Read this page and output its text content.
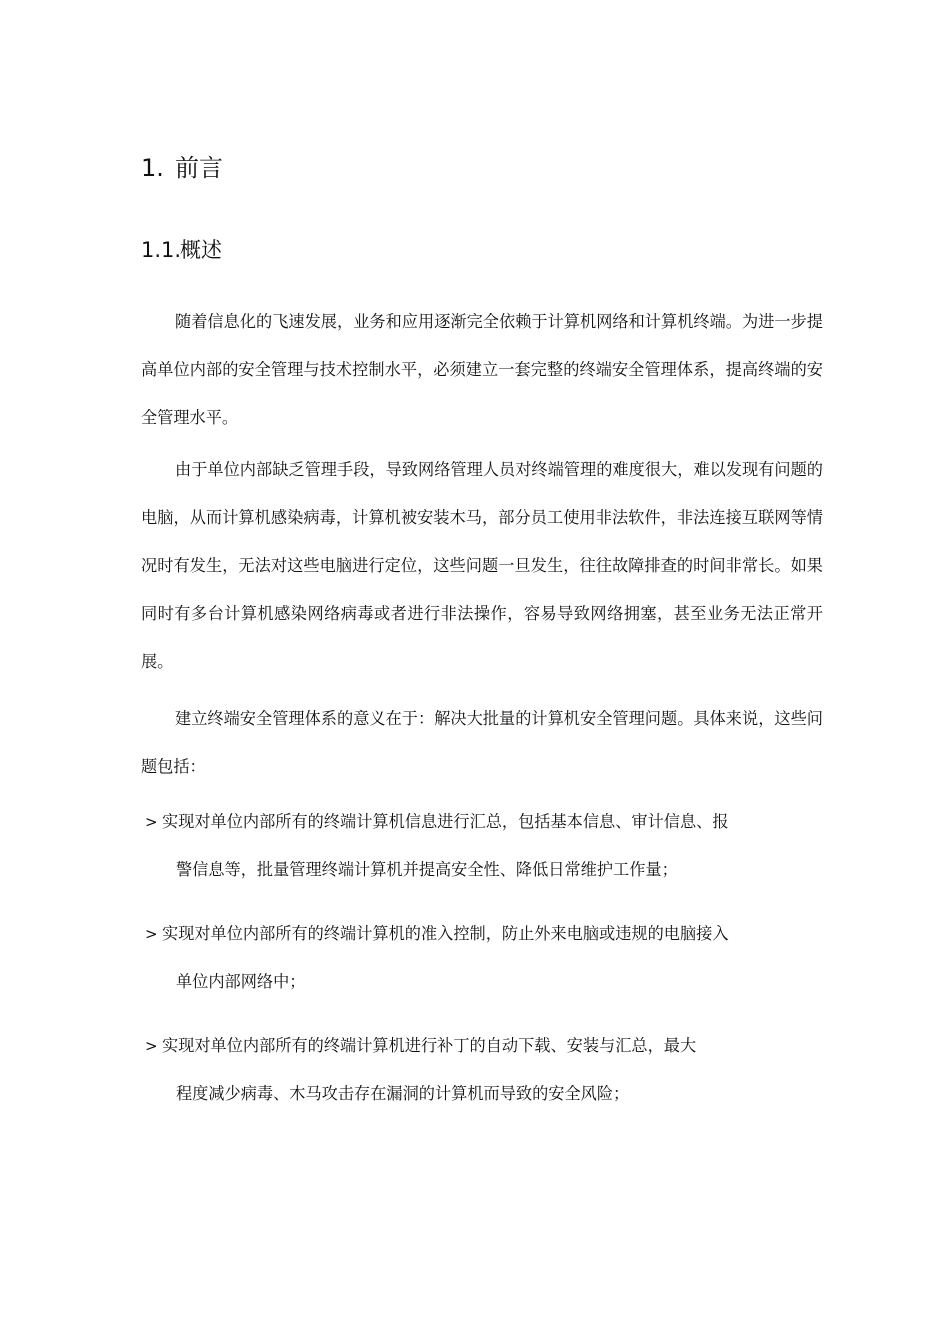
1. 前言
1.1.
概述

随着信息化的飞速发展，业务和应用逐渐完全依赖于计算机网络和计算机终端。为进一步提高单位内部的安全管理与技术控制水平，必须建立一套完整的终端安全管理体系，提高终端的安全管理水平。

由于单位内部缺乏管理手段，导致网络管理人员对终端管理的难度很大，难以发现有问题的电脑，从而计算机感染病毒，计算机被安装木马，部分员工使用非法软件，非法连接互联网等情况时有发生，无法对这些电脑进行定位，这些问题一旦发生，往往故障排查的时间非常长。如果同时有多台计算机感染网络病毒或者进行非法操作，容易导致网络拥塞，甚至业务无法正常开展。

建立终端安全管理体系的意义在于：解决大批量的计算机安全管理问题。具体来说，这些问题包括：

> 实现对单位内部所有的终端计算机信息进行汇总，包括基本信息、审计信息、报
警信息等，批量管理终端计算机并提高安全性、降低日常维护工作量；
> 实现对单位内部所有的终端计算机的准入控制，防止外来电脑或违规的电脑接入
单位内部网络中；
> 实现对单位内部所有的终端计算机进行补丁的自动下载、安装与汇总，最大
程度减少病毒、木马攻击存在漏洞的计算机而导致的安全风险；
